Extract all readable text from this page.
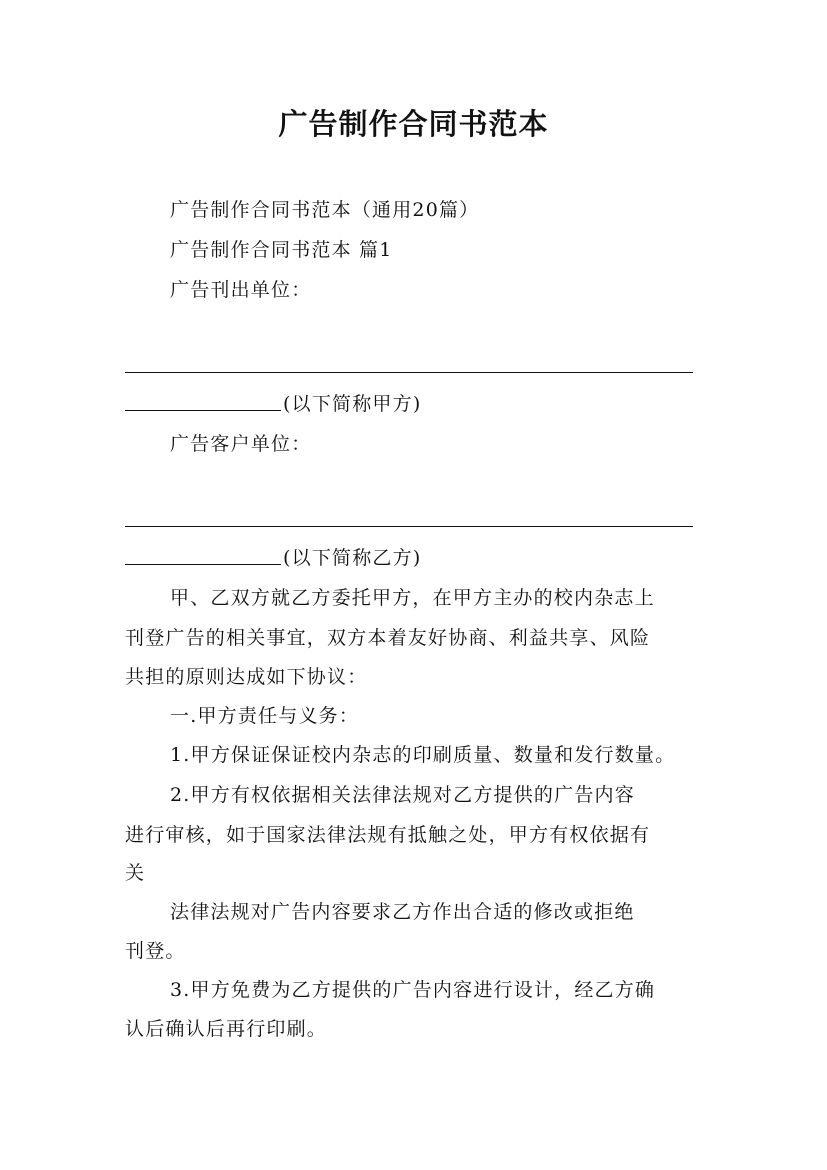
广告制作合同书范本
广告制作合同书范本（通用20篇）
广告制作合同书范本 篇1
广告刊出单位：
(以下简称甲方)
广告客户单位：
(以下简称乙方)
甲、乙双方就乙方委托甲方，在甲方主办的校内杂志上
刊登广告的相关事宜，双方本着友好协商、利益共享、风险
共担的原则达成如下协议：
一.甲方责任与义务：
1.甲方保证保证校内杂志的印刷质量、数量和发行数量。
2.甲方有权依据相关法律法规对乙方提供的广告内容
进行审核，如于国家法律法规有抵触之处，甲方有权依据有
关
法律法规对广告内容要求乙方作出合适的修改或拒绝
刊登。
3.甲方免费为乙方提供的广告内容进行设计，经乙方确
认后确认后再行印刷。
